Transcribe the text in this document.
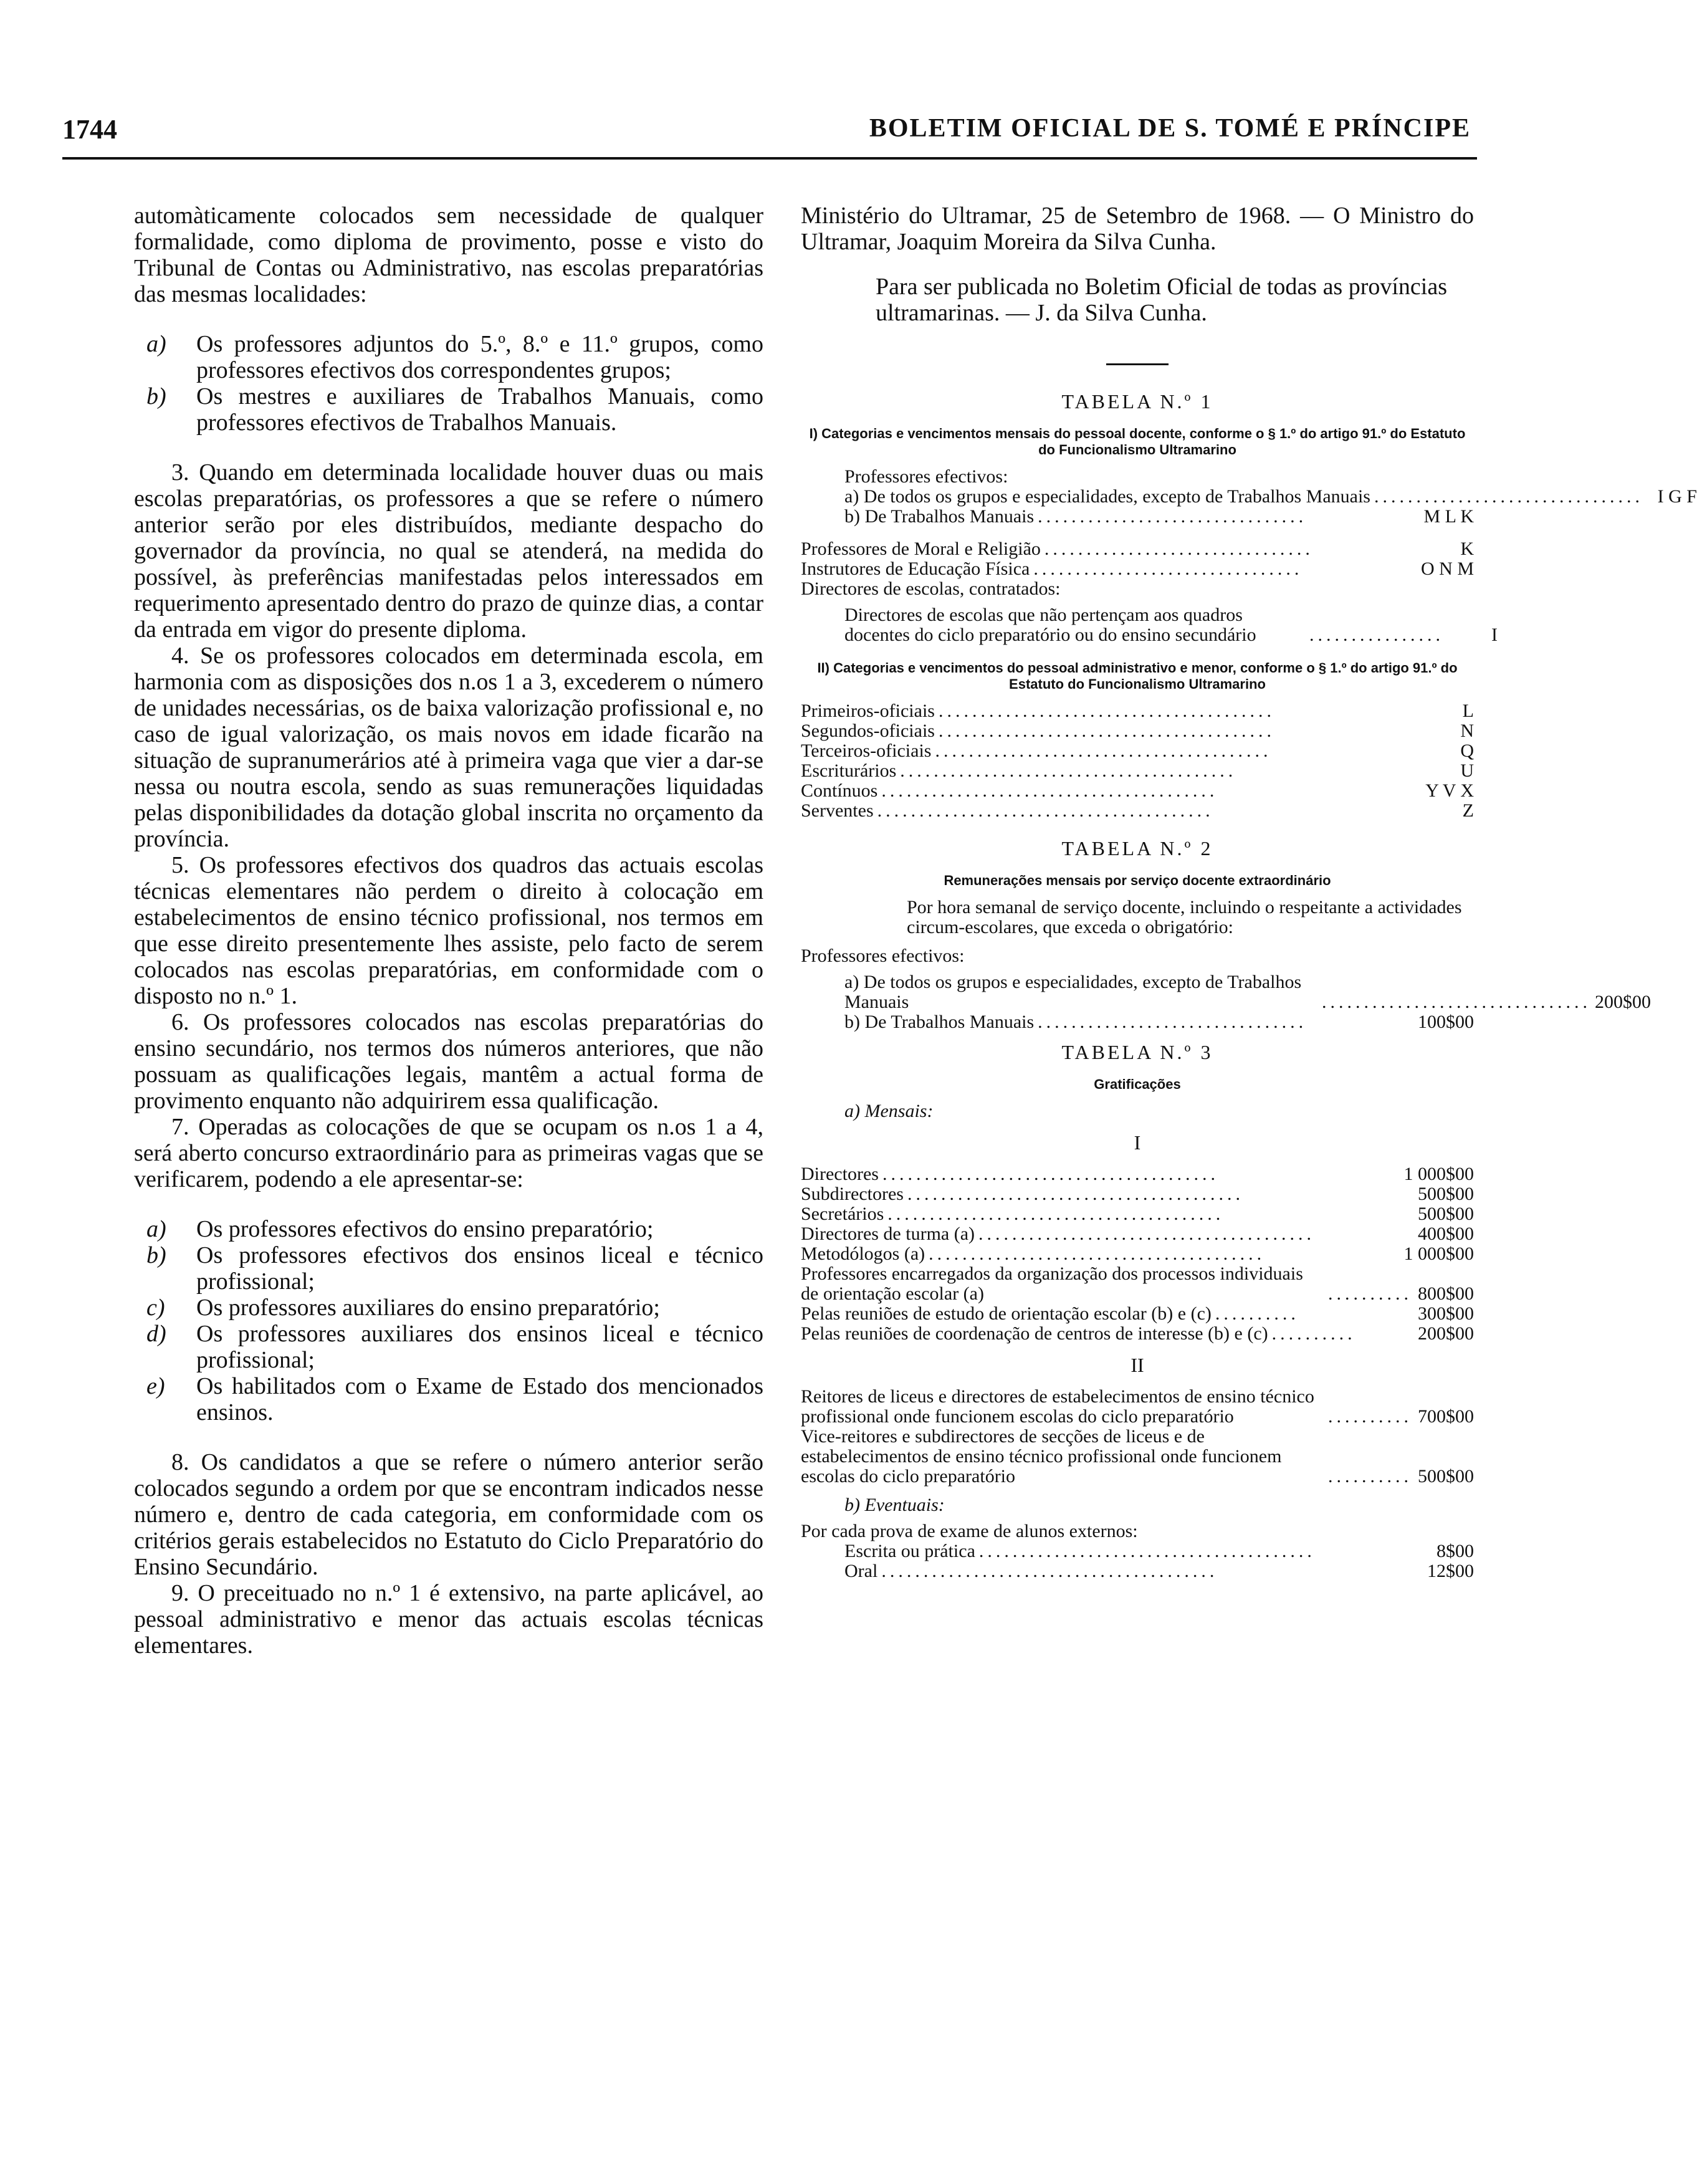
1744	BOLETIM OFICIAL DE S. TOMÉ E PRÍNCIPE

automàticamente colocados sem necessidade de qualquer formalidade, como diploma de provimento, posse e visto do Tribunal de Contas ou Administrativo, nas escolas preparatórias das mesmas localidades:

a) Os professores adjuntos do 5.º, 8.º e 11.º grupos, como professores efectivos dos correspondentes grupos;

b) Os mestres e auxiliares de Trabalhos Manuais, como professores efectivos de Trabalhos Manuais.

3. Quando em determinada localidade houver duas ou mais escolas preparatórias, os professores a que se refere o número anterior serão por eles distribuídos, mediante despacho do governador da província, no qual se atenderá, na medida do possível, às preferências manifestadas pelos interessados em requerimento apresentado dentro do prazo de quinze dias, a contar da entrada em vigor do presente diploma.

4. Se os professores colocados em determinada escola, em harmonia com as disposições dos n.os 1 a 3, excederem o número de unidades necessárias, os de baixa valorização profissional e, no caso de igual valorização, os mais novos em idade ficarão na situação de supranumerários até à primeira vaga que vier a dar-se nessa ou noutra escola, sendo as suas remunerações liquidadas pelas disponibilidades da dotação global inscrita no orçamento da província.

5. Os professores efectivos dos quadros das actuais escolas técnicas elementares não perdem o direito à colocação em estabelecimentos de ensino técnico profissional, nos termos em que esse direito presentemente lhes assiste, pelo facto de serem colocados nas escolas preparatórias, em conformidade com o disposto no n.º 1.

6. Os professores colocados nas escolas preparatórias do ensino secundário, nos termos dos números anteriores, que não possuam as qualificações legais, mantêm a actual forma de provimento enquanto não adquirirem essa qualificação.

7. Operadas as colocações de que se ocupam os n.os 1 a 4, será aberto concurso extraordinário para as primeiras vagas que se verificarem, podendo a ele apresentar-se:

a) Os professores efectivos do ensino preparatório;

b) Os professores efectivos dos ensinos liceal e técnico profissional;

c) Os professores auxiliares do ensino preparatório;

d) Os professores auxiliares dos ensinos liceal e técnico profissional;

e) Os habilitados com o Exame de Estado dos mencionados ensinos.

8. Os candidatos a que se refere o número anterior serão colocados segundo a ordem por que se encontram indicados nesse número e, dentro de cada categoria, em conformidade com os critérios gerais estabelecidos no Estatuto do Ciclo Preparatório do Ensino Secundário.

9. O preceituado no n.º 1 é extensivo, na parte aplicável, ao pessoal administrativo e menor das actuais escolas técnicas elementares.

Ministério do Ultramar, 25 de Setembro de 1968. — O Ministro do Ultramar, Joaquim Moreira da Silva Cunha.

Para ser publicada no Boletim Oficial de todas as províncias ultramarinas. — J. da Silva Cunha.

TABELA N.º 1
I) Categorias e vencimentos mensais do pessoal docente, conforme o § 1.º do artigo 91.º do Estatuto do Funcionalismo Ultramarino
Professores efectivos:
a) De todos os grupos e especialidades, excepto de Trabalhos Manuais ................................ I G F
b) De Trabalhos Manuais ................................	M L K
Professores de Moral e Religião ................................	K
Instrutores de Educação Física ................................	O N M
Directores de escolas, contratados:
Directores de escolas que não pertençam aos quadros docentes do ciclo preparatório ou do ensino secundário	................	I
II) Categorias e vencimentos do pessoal administrativo e menor, conforme o § 1.º do artigo 91.º do Estatuto do Funcionalismo Ultramarino
Primeiros-oficiais ........................................	L
Segundos-oficiais ........................................	N
Terceiros-oficiais ........................................	Q
Escriturários ........................................	U
Contínuos ........................................	Y V X
Serventes ........................................	Z
TABELA N.º 2
Remunerações mensais por serviço docente extraordinário
Por hora semanal de serviço docente, incluindo o respeitante a actividades circum-escolares, que exceda o obrigatório:
Professores efectivos:
a) De todos os grupos e especialidades, excepto de Trabalhos Manuais	................................ 200$00
b) De Trabalhos Manuais ................................	100$00
TABELA N.º 3
Gratificações
a) Mensais:
I
Directores ........................................	1 000$00
Subdirectores ........................................	500$00
Secretários ........................................	500$00
Directores de turma (a) ........................................	400$00
Metodólogos (a) ........................................	1 000$00
Professores encarregados da organização dos processos individuais de orientação escolar (a)	.......... 800$00
Pelas reuniões de estudo de orientação escolar (b) e (c) ..........	300$00
Pelas reuniões de coordenação de centros de interesse (b) e (c) ..........	200$00
II
Reitores de liceus e directores de estabelecimentos de ensino técnico profissional onde funcionem escolas do ciclo preparatório	.......... 700$00
Vice-reitores e subdirectores de secções de liceus e de estabelecimentos de ensino técnico profissional onde funcionem escolas do ciclo preparatório	.......... 500$00
b) Eventuais:
Por cada prova de exame de alunos externos:
Escrita ou prática ........................................	8$00
Oral ........................................	12$00
